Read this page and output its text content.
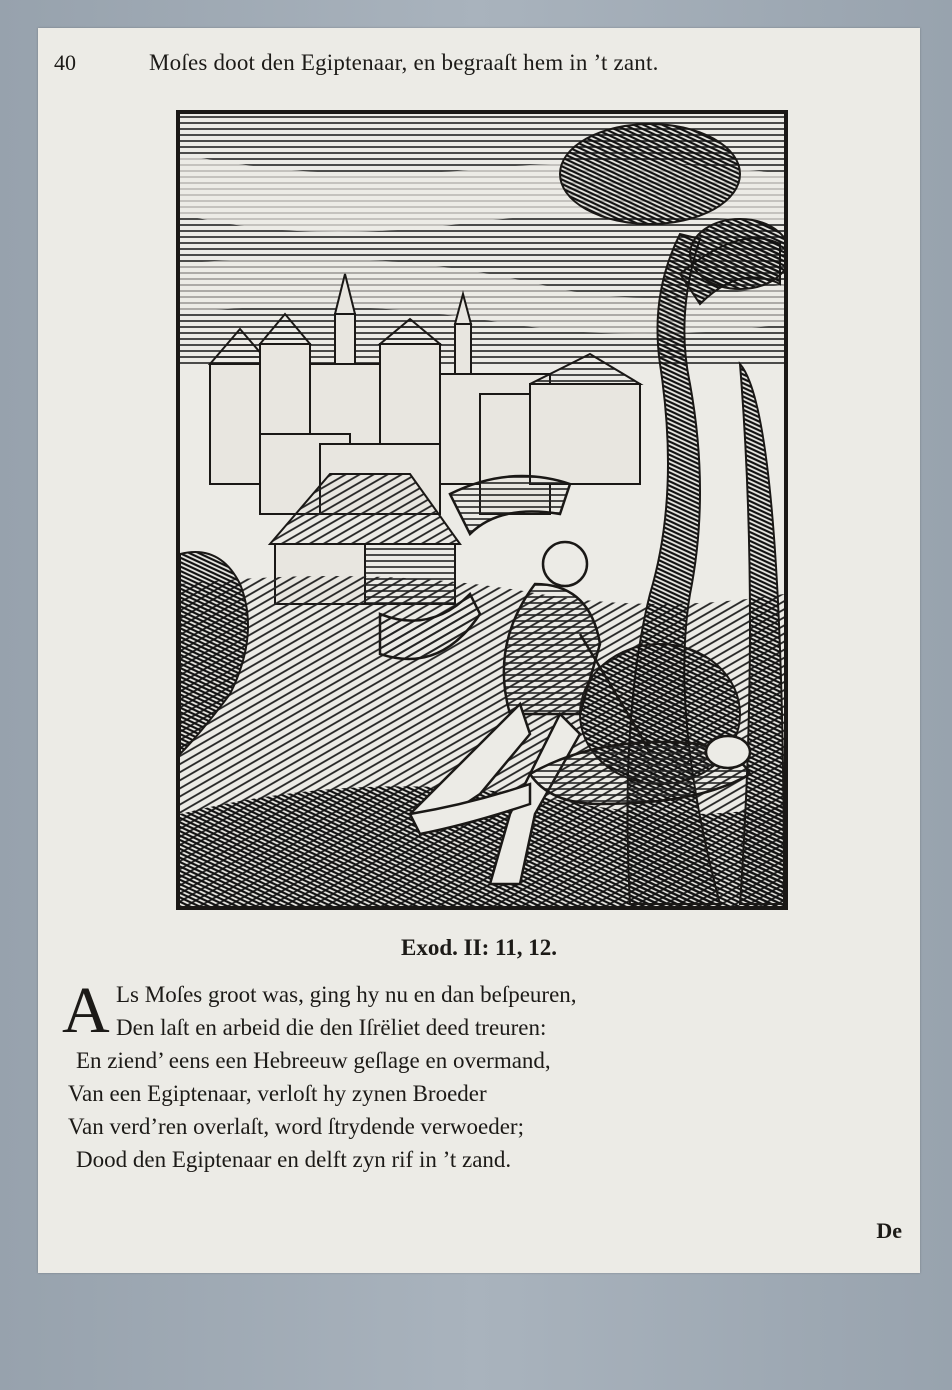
40	Moſes doot den Egiptenaar, en begraaſt hem in ’t zant.
Exod. II: 11, 12.
A Ls Moſes groot was, ging hy nu en dan beſpeuren,
Den laſt en arbeid die den Iſrëliet deed treuren:
En ziend’ eens een Hebreeuw geſlage en overmand,
Van een Egiptenaar, verloſt hy zynen Broeder
Van verd’ren overlaſt, word ſtrydende verwoeder;
Dood den Egiptenaar en delft zyn rif in ’t zand.
De
